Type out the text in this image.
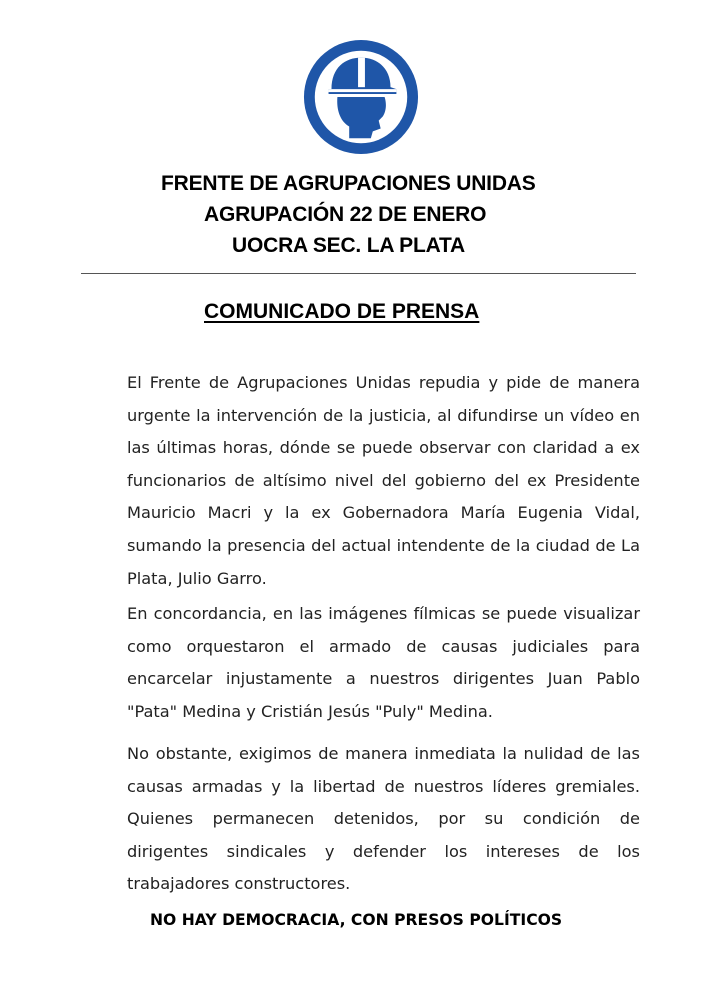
FRENTE DE AGRUPACIONES UNIDAS
AGRUPACIÓN 22 DE ENERO
UOCRA SEC. LA PLATA
COMUNICADO DE PRENSA

El Frente de Agrupaciones Unidas repudia y pide de manera urgente la intervención de la justicia, al difundirse un vídeo en las últimas horas, dónde se puede observar con claridad a ex funcionarios de altísimo nivel del gobierno del ex Presidente Mauricio Macri y la ex Gobernadora María Eugenia Vidal, sumando la presencia del actual intendente de la ciudad de La Plata, Julio Garro.

En concordancia, en las imágenes fílmicas se puede visualizar como orquestaron el armado de causas judiciales para encarcelar injustamente a nuestros dirigentes Juan Pablo "Pata" Medina y Cristián Jesús "Puly" Medina.

No obstante, exigimos de manera inmediata la nulidad de las causas armadas y la libertad de nuestros líderes gremiales. Quienes permanecen detenidos, por su condición de dirigentes sindicales y defender los intereses de los trabajadores constructores.

NO HAY DEMOCRACIA, CON PRESOS POLÍTICOS
